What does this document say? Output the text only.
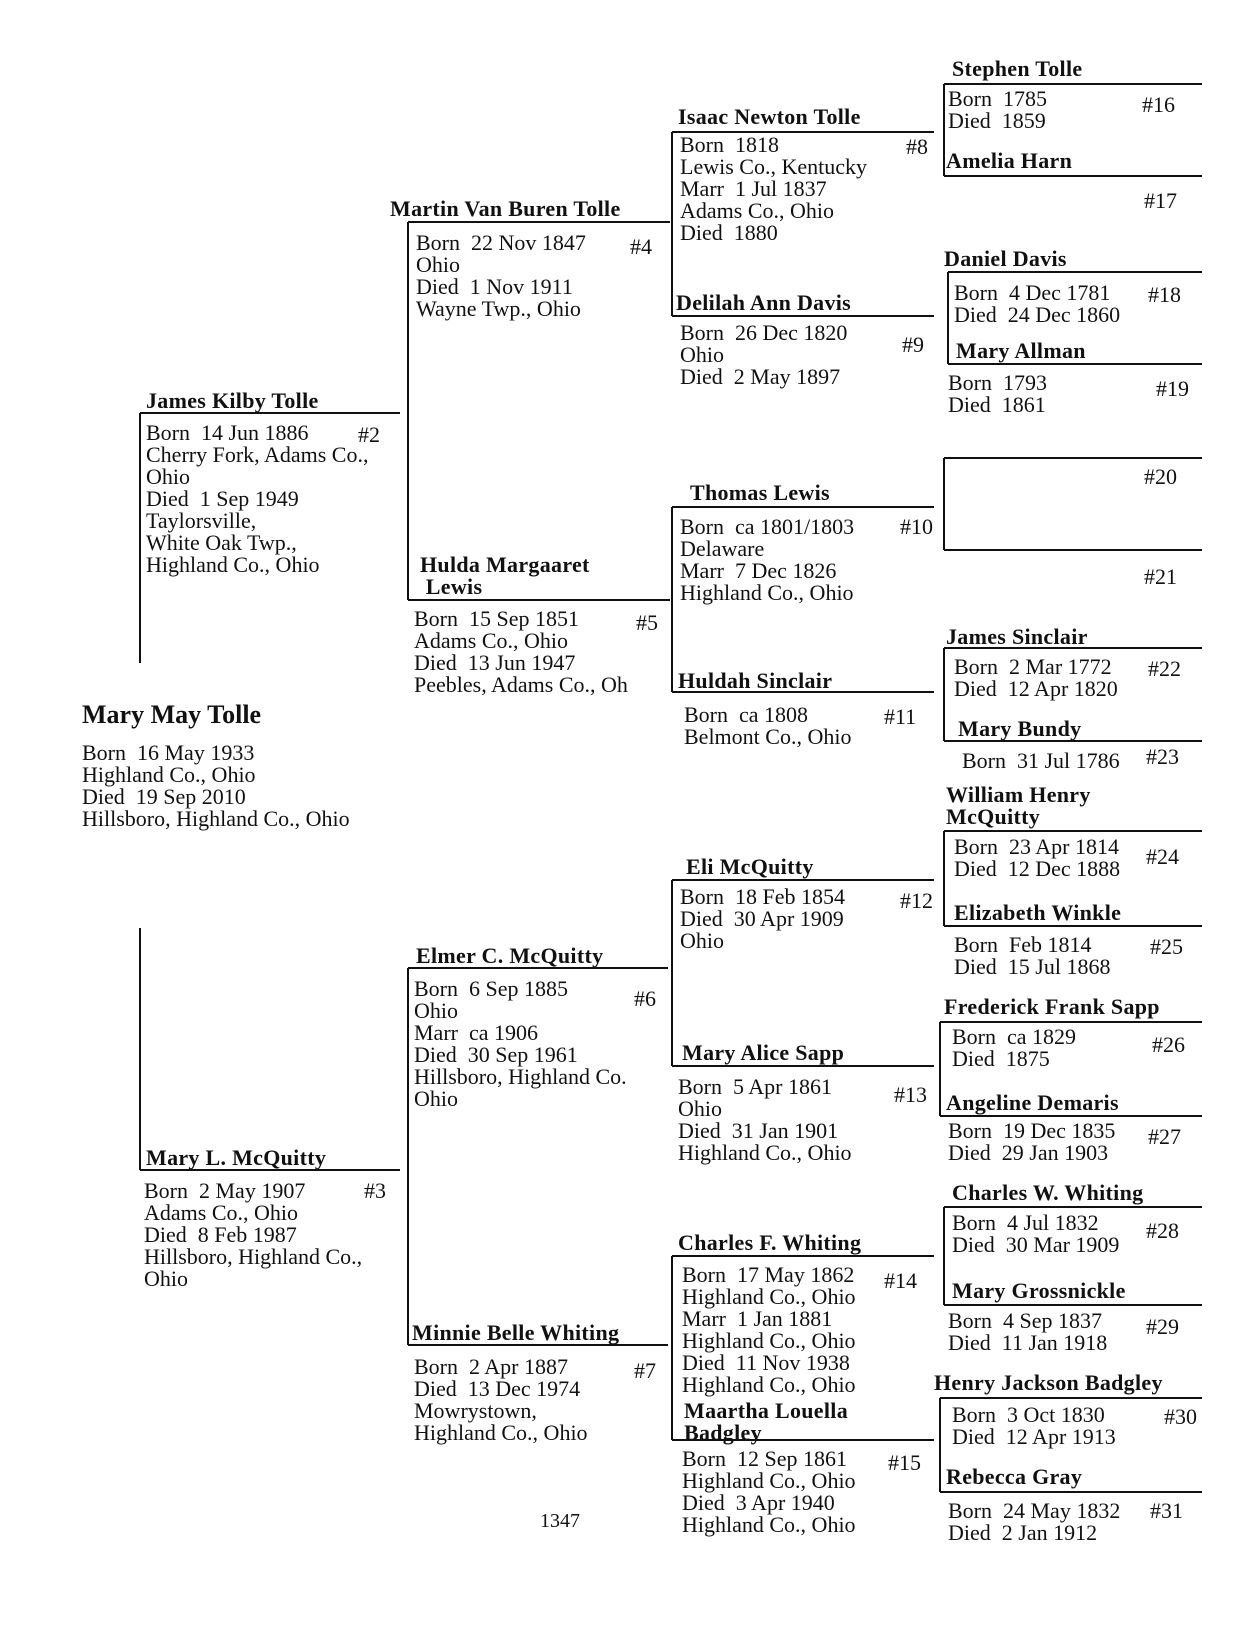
Mary May Tolle
Born  16 May 1933
Highland Co., Ohio
Died  19 Sep 2010
Hillsboro, Highland Co., Ohio
James Kilby Tolle
Born  14 Jun 1886
Cherry Fork, Adams Co.,
Ohio
Died  1 Sep 1949
Taylorsville,
White Oak Twp.,
Highland Co., Ohio
#2
Mary L. McQuitty
Born  2 May 1907
Adams Co., Ohio
Died  8 Feb 1987
Hillsboro, Highland Co.,
Ohio
#3
Martin Van Buren Tolle
Born  22 Nov 1847
Ohio
Died  1 Nov 1911
Wayne Twp., Ohio
#4
Hulda Margaaret
Lewis
Born  15 Sep 1851
Adams Co., Ohio
Died  13 Jun 1947
Peebles, Adams Co., Oh
#5
Elmer C. McQuitty
Born  6 Sep 1885
Ohio
Marr  ca 1906
Died  30 Sep 1961
Hillsboro, Highland Co.
Ohio
#6
Minnie Belle Whiting
Born  2 Apr 1887
Died  13 Dec 1974
Mowrystown,
Highland Co., Ohio
#7
Isaac Newton Tolle
Born  1818
Lewis Co., Kentucky
Marr  1 Jul 1837
Adams Co., Ohio
Died  1880
#8
Delilah Ann Davis
Born  26 Dec 1820
Ohio
Died  2 May 1897
#9
Thomas Lewis
Born  ca 1801/1803
Delaware
Marr  7 Dec 1826
Highland Co., Ohio
#10
Huldah Sinclair
Born  ca 1808
Belmont Co., Ohio
#11
Eli McQuitty
Born  18 Feb 1854
Died  30 Apr 1909
Ohio
#12
Mary Alice Sapp
Born  5 Apr 1861
Ohio
Died  31 Jan 1901
Highland Co., Ohio
#13
Charles F. Whiting
Born  17 May 1862
Highland Co., Ohio
Marr  1 Jan 1881
Highland Co., Ohio
Died  11 Nov 1938
Highland Co., Ohio
#14
Maartha Louella
Badgley
Born  12 Sep 1861
Highland Co., Ohio
Died  3 Apr 1940
Highland Co., Ohio
#15
Stephen Tolle
Born  1785
Died  1859
#16
Amelia Harn
#17
Daniel Davis
Born  4 Dec 1781
Died  24 Dec 1860
#18
Mary Allman
Born  1793
Died  1861
#19
#20
#21
James Sinclair
Born  2 Mar 1772
Died  12 Apr 1820
#22
Mary Bundy
Born  31 Jul 1786 #23
William Henry
McQuitty
Born  23 Apr 1814
Died  12 Dec 1888 #24
Elizabeth Winkle
Born  Feb 1814
Died  15 Jul 1868
#25
Frederick Frank Sapp
Born  ca 1829
Died  1875
#26
Angeline Demaris
Born  19 Dec 1835
Died  29 Jan 1903
#27
Charles W. Whiting
Born  4 Jul 1832
Died  30 Mar 1909
#28
Mary Grossnickle
Born  4 Sep 1837
Died  11 Jan 1918
#29
Henry Jackson Badgley
Born  3 Oct 1830
Died  12 Apr 1913
#30
Rebecca Gray
Born  24 May 1832
Died  2 Jan 1912
#31
1347
